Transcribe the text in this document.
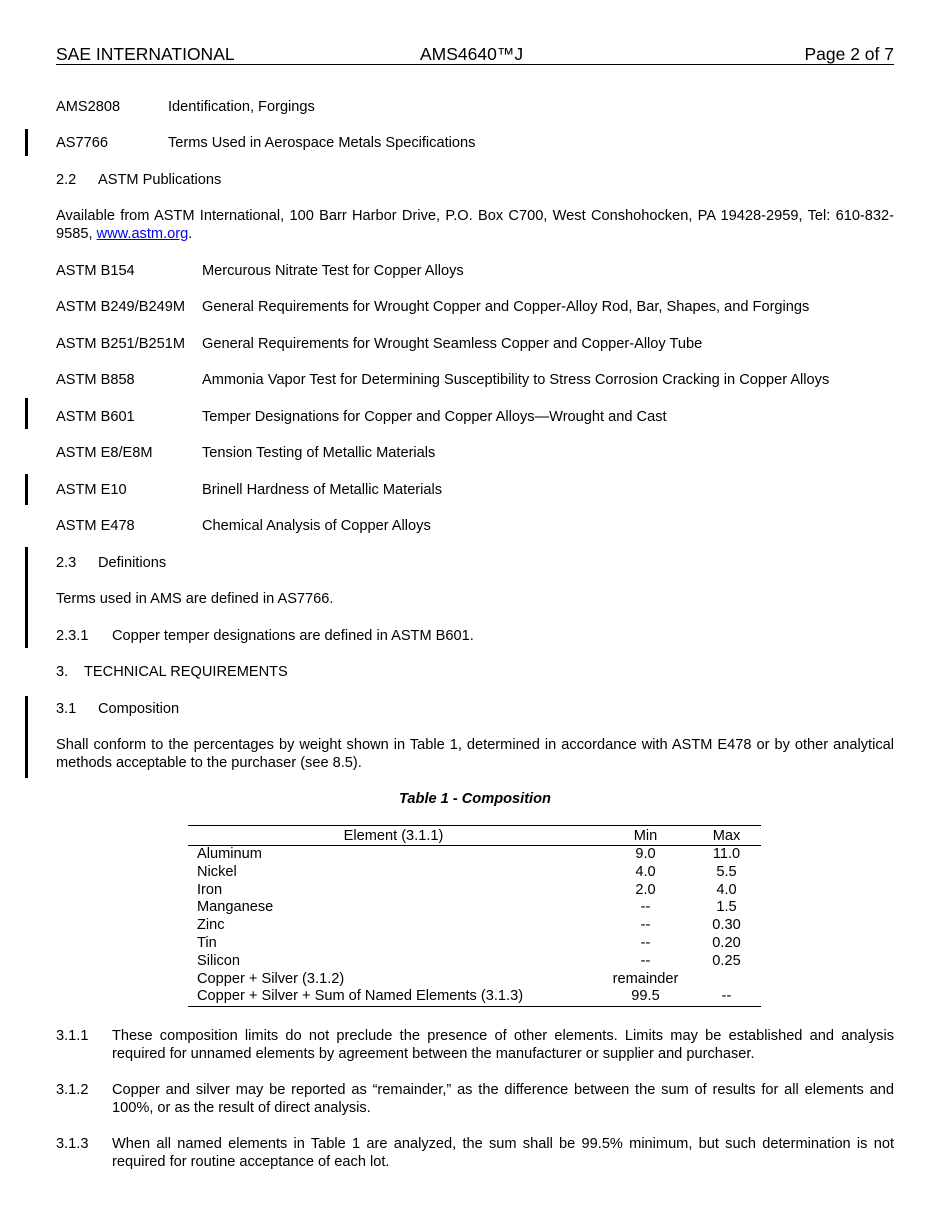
SAE INTERNATIONAL	AMS4640™J	Page 2 of 7
AMS2808	Identification, Forgings
AS7766	Terms Used in Aerospace Metals Specifications
2.2 ASTM Publications
Available from ASTM International, 100 Barr Harbor Drive, P.O. Box C700, West Conshohocken, PA 19428-2959, Tel: 610-832-9585, www.astm.org.
ASTM B154	Mercurous Nitrate Test for Copper Alloys
ASTM B249/B249M General Requirements for Wrought Copper and Copper-Alloy Rod, Bar, Shapes, and Forgings
ASTM B251/B251M General Requirements for Wrought Seamless Copper and Copper-Alloy Tube
ASTM B858	Ammonia Vapor Test for Determining Susceptibility to Stress Corrosion Cracking in Copper Alloys
ASTM B601	Temper Designations for Copper and Copper Alloys—Wrought and Cast
ASTM E8/E8M	Tension Testing of Metallic Materials
ASTM E10	Brinell Hardness of Metallic Materials
ASTM E478	Chemical Analysis of Copper Alloys
2.3 Definitions
Terms used in AMS are defined in AS7766.
2.3.1 Copper temper designations are defined in ASTM B601.
3. TECHNICAL REQUIREMENTS
3.1 Composition
Shall conform to the percentages by weight shown in Table 1, determined in accordance with ASTM E478 or by other analytical methods acceptable to the purchaser (see 8.5).
Table 1 - Composition
Element (3.1.1)	Min	Max
Aluminum	9.0	11.0
Nickel	4.0	5.5
Iron	2.0	4.0
Manganese	--	1.5
Zinc	--	0.30
Tin	--	0.20
Silicon	--	0.25
Copper + Silver (3.1.2)	remainder	
Copper + Silver + Sum of Named Elements (3.1.3)	99.5	--
3.1.1 These composition limits do not preclude the presence of other elements. Limits may be established and analysis required for unnamed elements by agreement between the manufacturer or supplier and purchaser.
3.1.2 Copper and silver may be reported as “remainder,” as the difference between the sum of results for all elements and 100%, or as the result of direct analysis.
3.1.3 When all named elements in Table 1 are analyzed, the sum shall be 99.5% minimum, but such determination is not required for routine acceptance of each lot.
